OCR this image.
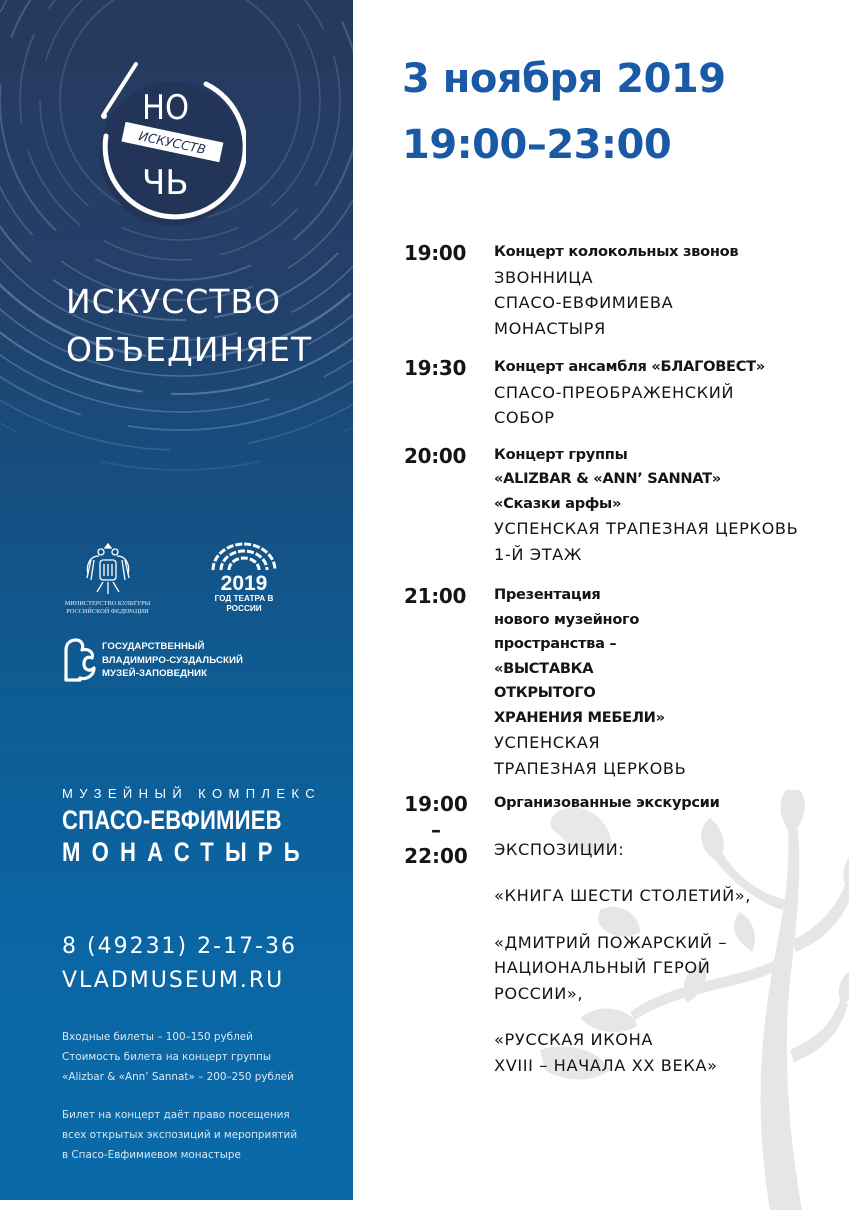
НО
ИСКУССТВ
ЧЬ
ИСКУССТВО
ОБЪЕДИНЯЕТ
МИНИСТЕРСТВО КУЛЬТУРЫ
РОССИЙСКОЙ ФЕДЕРАЦИИ
2019
ГОД ТЕАТРА В РОССИИ
ГОСУДАРСТВЕННЫЙ
ВЛАДИМИРО-СУЗДАЛЬСКИЙ
МУЗЕЙ-ЗАПОВЕДНИК
МУЗЕЙНЫЙ КОМПЛЕКС
СПАСО-ЕВФИМИЕВ
МОНАСТЫРЬ
8 (49231) 2-17-36
VLADMUSEUM.RU

Входные билеты – 100–150 рублей

Стоимость билета на концерт группы

«Alizbar & «Ann’ Sannat» – 200–250 рублей

Билет на концерт даёт право посещения

всех открытых экспозиций и мероприятий

в Спасо-Евфимиевом монастыре

3 ноября 2019
19:00–23:00
19:00 Концерт колокольных звонов
ЗВОННИЦА
СПАСО-ЕВФИМИЕВА
МОНАСТЫРЯ
19:30 Концерт ансамбля «БЛАГОВЕСТ»
СПАСО-ПРЕОБРАЖЕНСКИЙ
СОБОР
20:00 Концерт группы
«ALIZBAR & «ANN’ SANNAT»
«Сказки арфы»
УСПЕНСКАЯ ТРАПЕЗНАЯ ЦЕРКОВЬ
1-Й ЭТАЖ
21:00 Презентация
нового музейного
пространства –
«ВЫСТАВКА
ОТКРЫТОГО
ХРАНЕНИЯ МЕБЕЛИ»
УСПЕНСКАЯ
ТРАПЕЗНАЯ ЦЕРКОВЬ
19:00
–
22:00
Организованные экскурсии
ЭКСПОЗИЦИИ:
«КНИГА ШЕСТИ СТОЛЕТИЙ»,
«ДМИТРИЙ ПОЖАРСКИЙ –
НАЦИОНАЛЬНЫЙ ГЕРОЙ
РОССИИ»,
«РУССКАЯ ИКОНА
XVIII – НАЧАЛА XX ВЕКА»
